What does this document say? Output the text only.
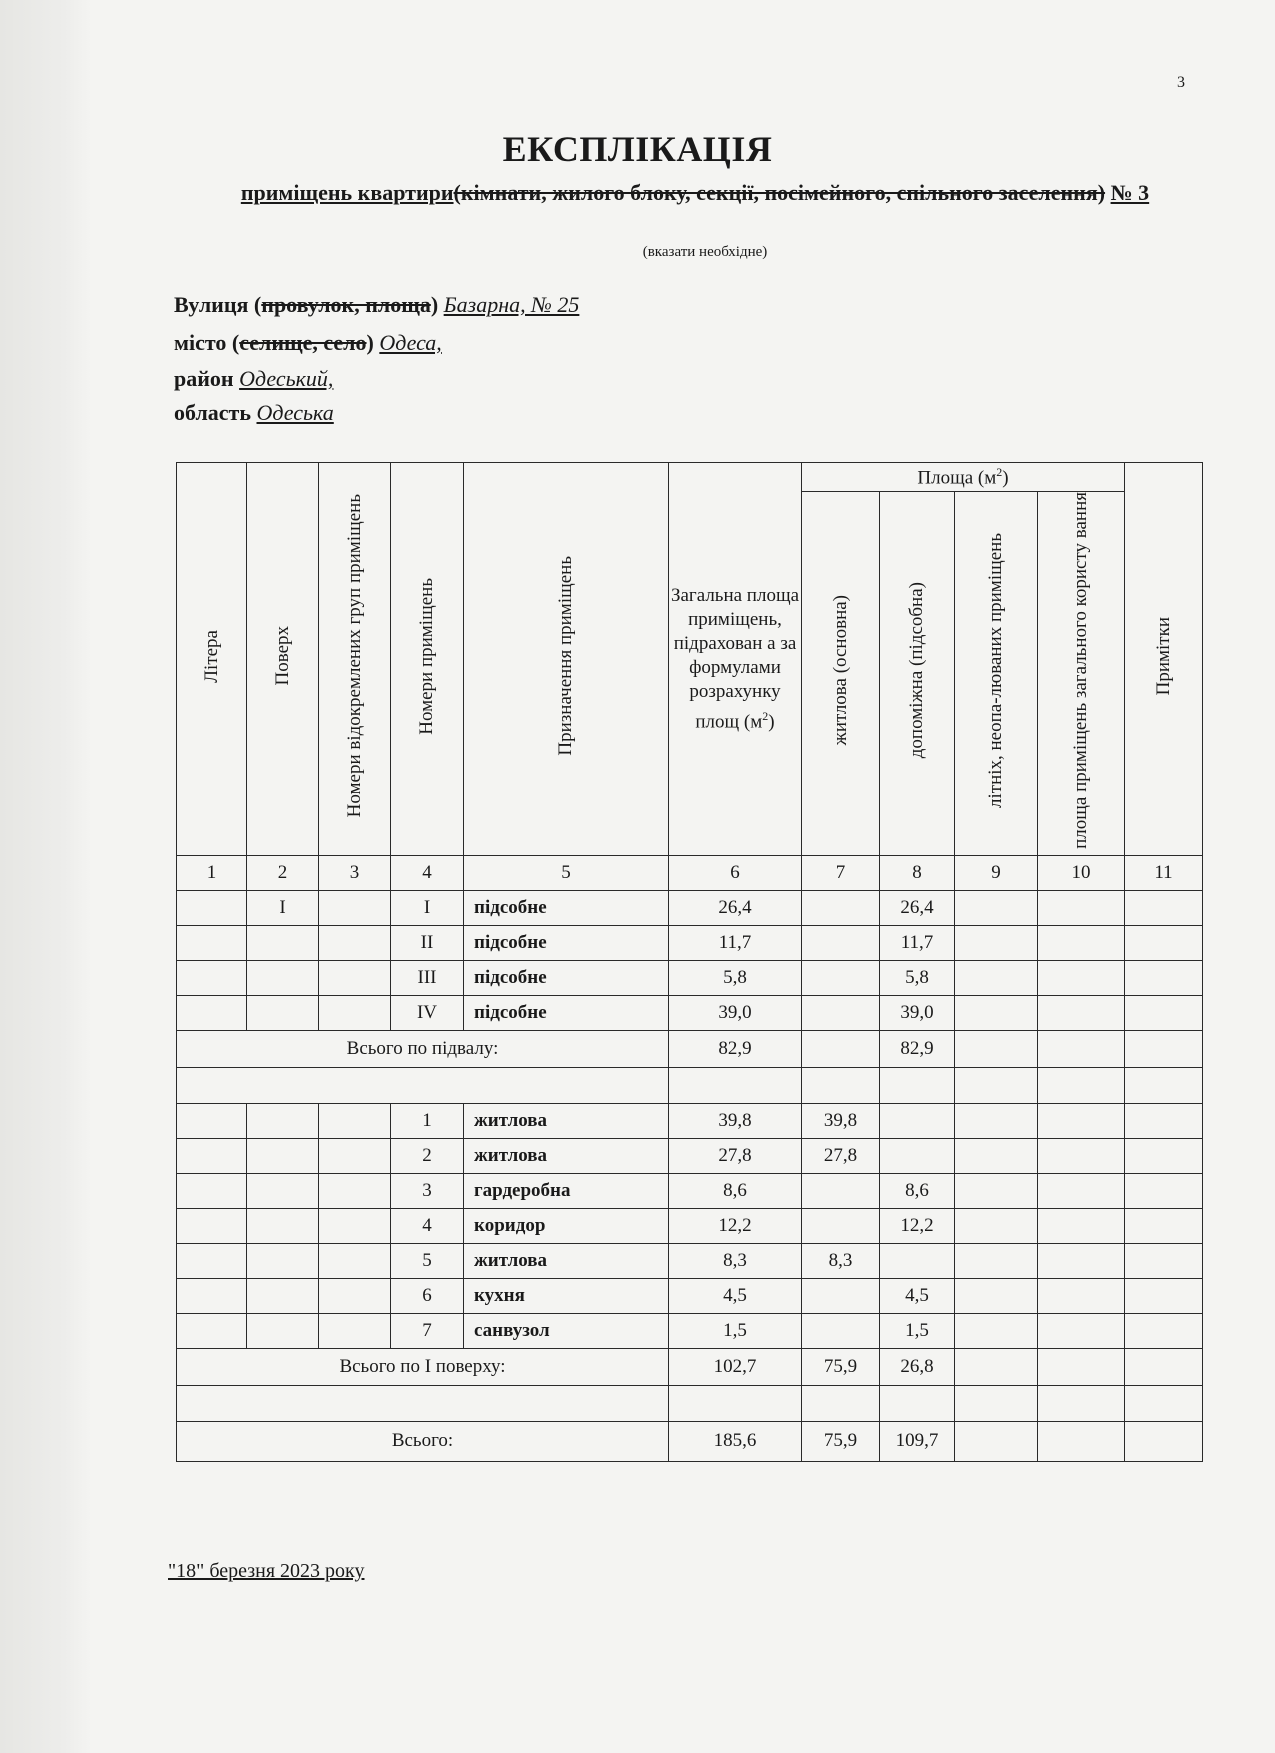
3
ЕКСПЛІКАЦІЯ
приміщень квартири(кімнати, жилого блоку, секції, посімейного, спільного заселення) № 3
(вказати необхідне)
Вулиця (провулок, площа) Базарна, № 25
місто (селище, село) Одеса,
район Одеський,
область Одеська
Літера	Поверх	Номери відокремлених груп приміщень	Номери приміщень	Призначення приміщень	Загальна площа приміщень, підрахован а за формулами розрахунку площ $(м^2)$	Площа $(м^2)$				Примітки
						житлова (основна)	допоміжна (підсобна)	літніх, неопа-люваних приміщень	площа приміщень загального користу вання	
1	2	3	4	5	6	7	8	9	10	11
	I		I	підсобне	26,4		26,4			
			II	підсобне	11,7		11,7			
			III	підсобне	5,8		5,8			
			IV	підсобне	39,0		39,0			
Всього по підвалу:					82,9		82,9			

			1	житлова	39,8	39,8				
			2	житлова	27,8	27,8				
			3	гардеробна	8,6		8,6			
			4	коридор	12,2		12,2			
			5	житлова	8,3	8,3				
			6	кухня	4,5		4,5			
			7	санвузол	1,5		1,5			
Всього по I поверху:					102,7	75,9	26,8			

Всього:					185,6	75,9	109,7			
"18" березня 2023 року
